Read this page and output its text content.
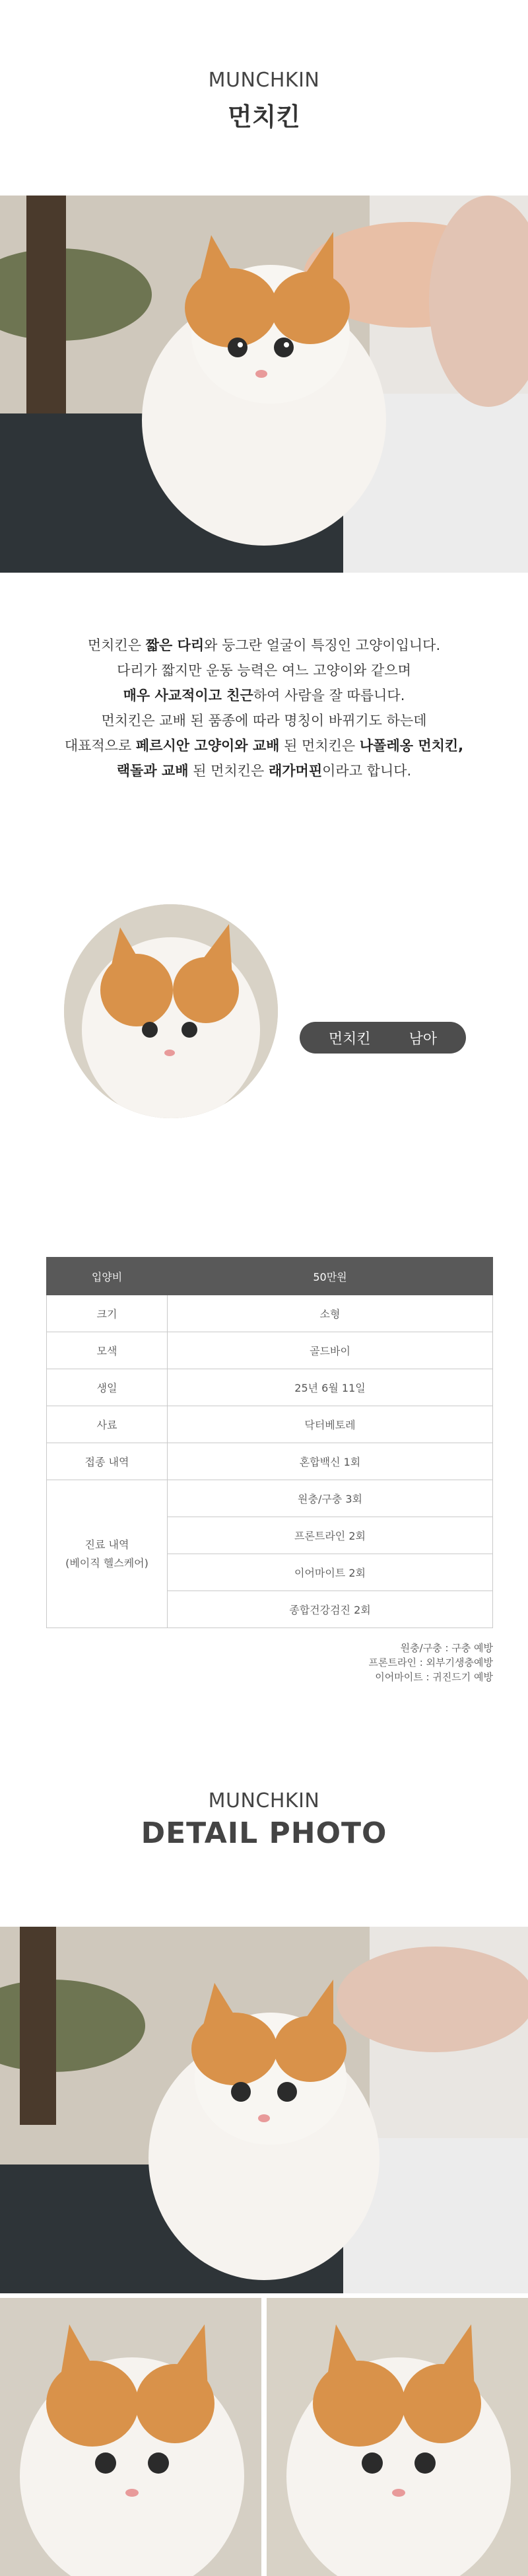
MUNCHKIN
먼치킨
먼치킨은 짧은 다리와 둥그란 얼굴이 특징인 고양이입니다.
다리가 짧지만 운동 능력은 여느 고양이와 같으며
매우 사교적이고 친근하여 사람을 잘 따릅니다.
먼치킨은 교배 된 품종에 따라 명칭이 바뀌기도 하는데
대표적으로 페르시안 고양이와 교배 된 먼치킨은 나폴레옹 먼치킨,
랙돌과 교배 된 먼치킨은 래가머핀이라고 합니다.
먼치킨	남아
입양비	50만원
크기	소형
모색	골드바이
생일	25년 6월 11일
사료	닥터베토레
접종 내역	혼합백신 1회

진료 내역
(베이직 헬스케어)	원충/구충 3회
	프론트라인 2회
	이어마이트 2회
	종합건강검진 2회
원충/구충 : 구충 예방
프론트라인 : 외부기생충예방
이어마이트 : 귀진드기 예방
MUNCHKIN
DETAIL PHOTO
